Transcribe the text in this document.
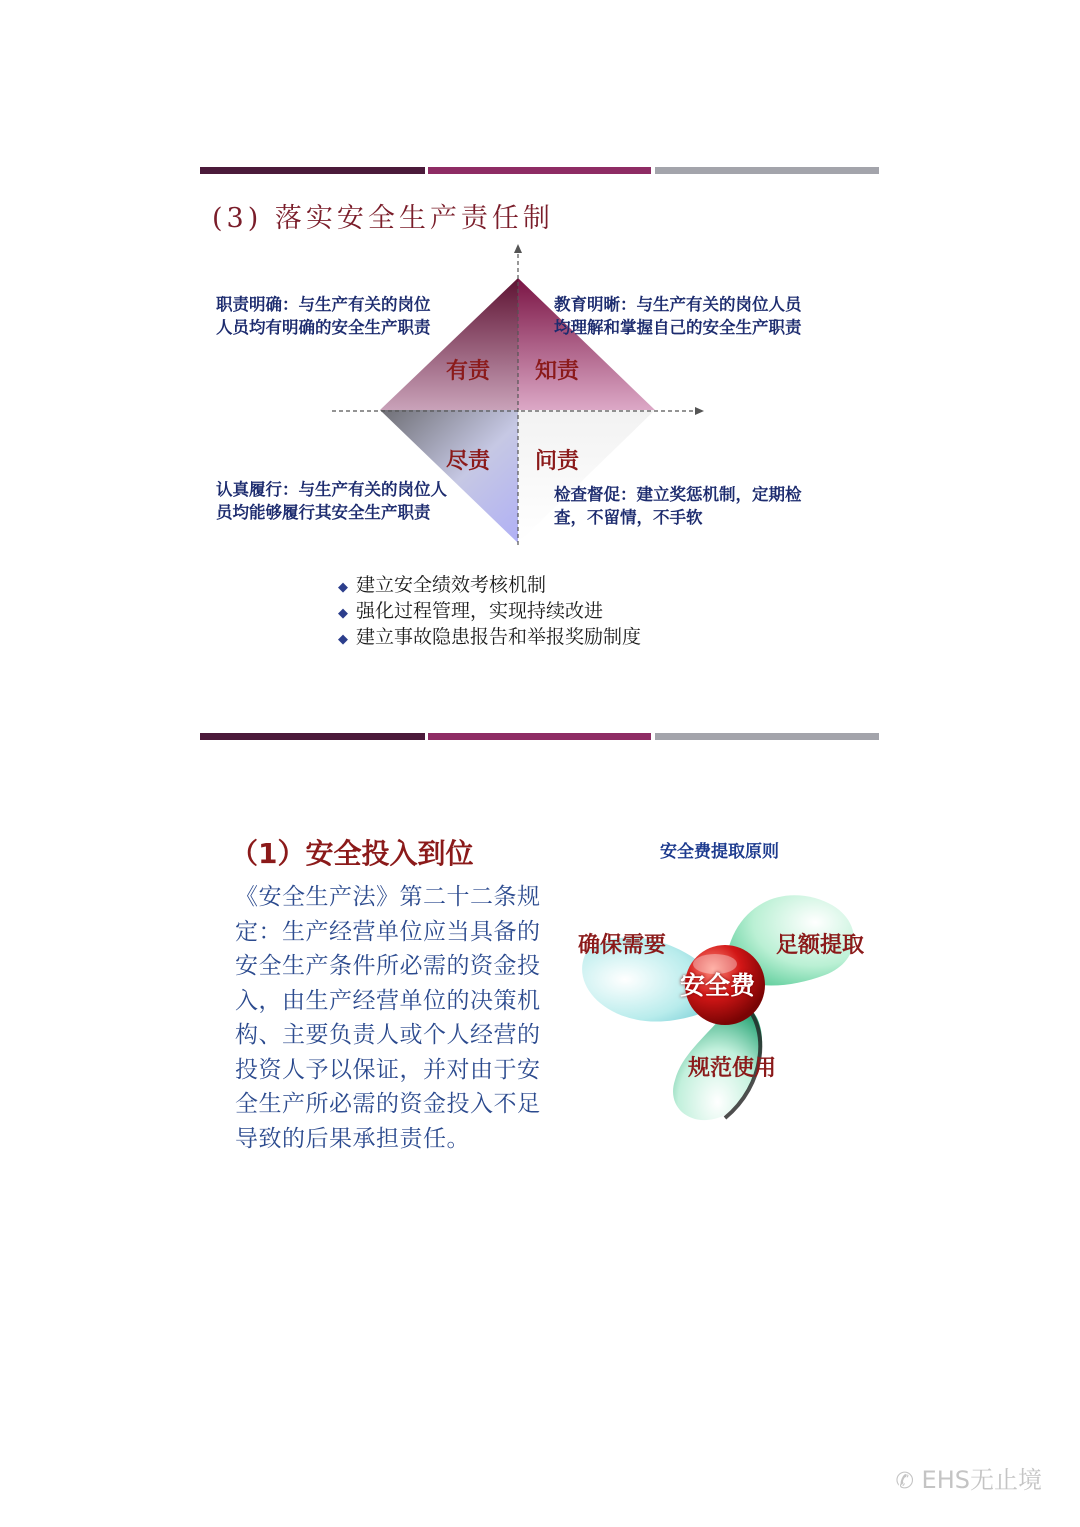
(3) 落实安全生产责任制
有责 知责
尽责 问责
职责明确：与生产有关的岗位
人员均有明确的安全生产职责
教育明晰：与生产有关的岗位人员
均理解和掌握自己的安全生产职责
认真履行：与生产有关的岗位人
员均能够履行其安全生产职责
检查督促：建立奖惩机制，定期检
查，不留情，不手软
◆ 建立安全绩效考核机制
◆ 强化过程管理，实现持续改进
◆ 建立事故隐患报告和举报奖励制度
（1）安全投入到位
《安全生产法》第二十二条规
定：生产经营单位应当具备的
安全生产条件所必需的资金投
入，由生产经营单位的决策机
构、主要负责人或个人经营的
投资人予以保证，并对由于安
全生产所必需的资金投入不足
导致的后果承担责任。
安全费提取原则
确保需要	足额提取
规范使用
安全费
✆ EHS无止境
